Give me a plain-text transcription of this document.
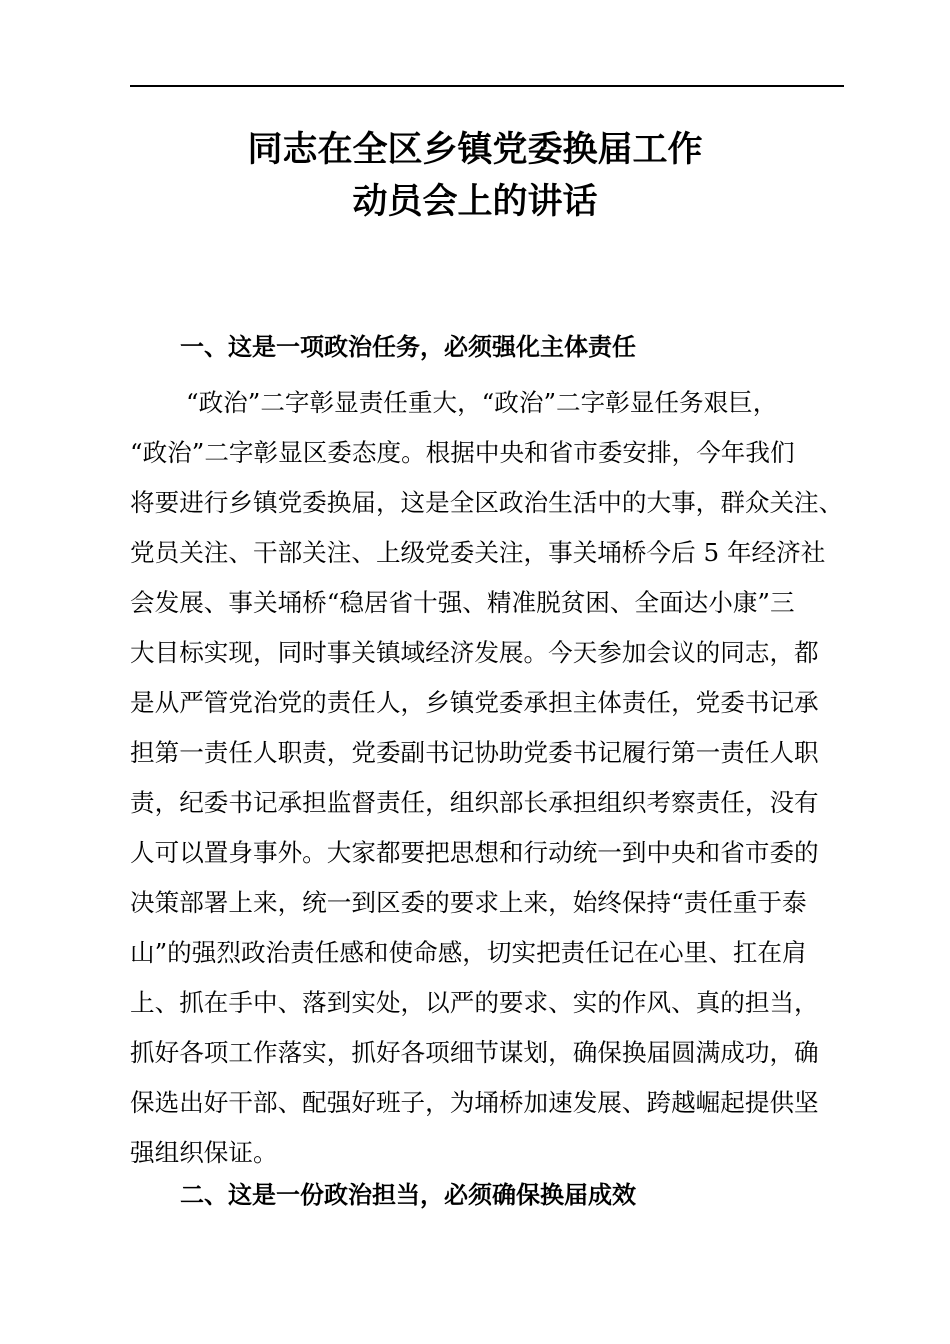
同志在全区乡镇党委换届工作
动员会上的讲话
一、这是一项政治任务，必须强化主体责任
“政治”二字彰显责任重大，“政治”二字彰显任务艰巨，
“政治”二字彰显区委态度。根据中央和省市委安排，今年我们
将要进行乡镇党委换届，这是全区政治生活中的大事，群众关注、
党员关注、干部关注、上级党委关注，事关埇桥今后 5 年经济社
会发展、事关埇桥“稳居省十强、精准脱贫困、全面达小康”三
大目标实现，同时事关镇域经济发展。今天参加会议的同志，都
是从严管党治党的责任人，乡镇党委承担主体责任，党委书记承
担第一责任人职责，党委副书记协助党委书记履行第一责任人职
责，纪委书记承担监督责任，组织部长承担组织考察责任，没有
人可以置身事外。大家都要把思想和行动统一到中央和省市委的
决策部署上来，统一到区委的要求上来，始终保持“责任重于泰
山”的强烈政治责任感和使命感，切实把责任记在心里、扛在肩
上、抓在手中、落到实处，以严的要求、实的作风、真的担当，
抓好各项工作落实，抓好各项细节谋划，确保换届圆满成功，确
保选出好干部、配强好班子，为埇桥加速发展、跨越崛起提供坚
强组织保证。
二、这是一份政治担当，必须确保换届成效
